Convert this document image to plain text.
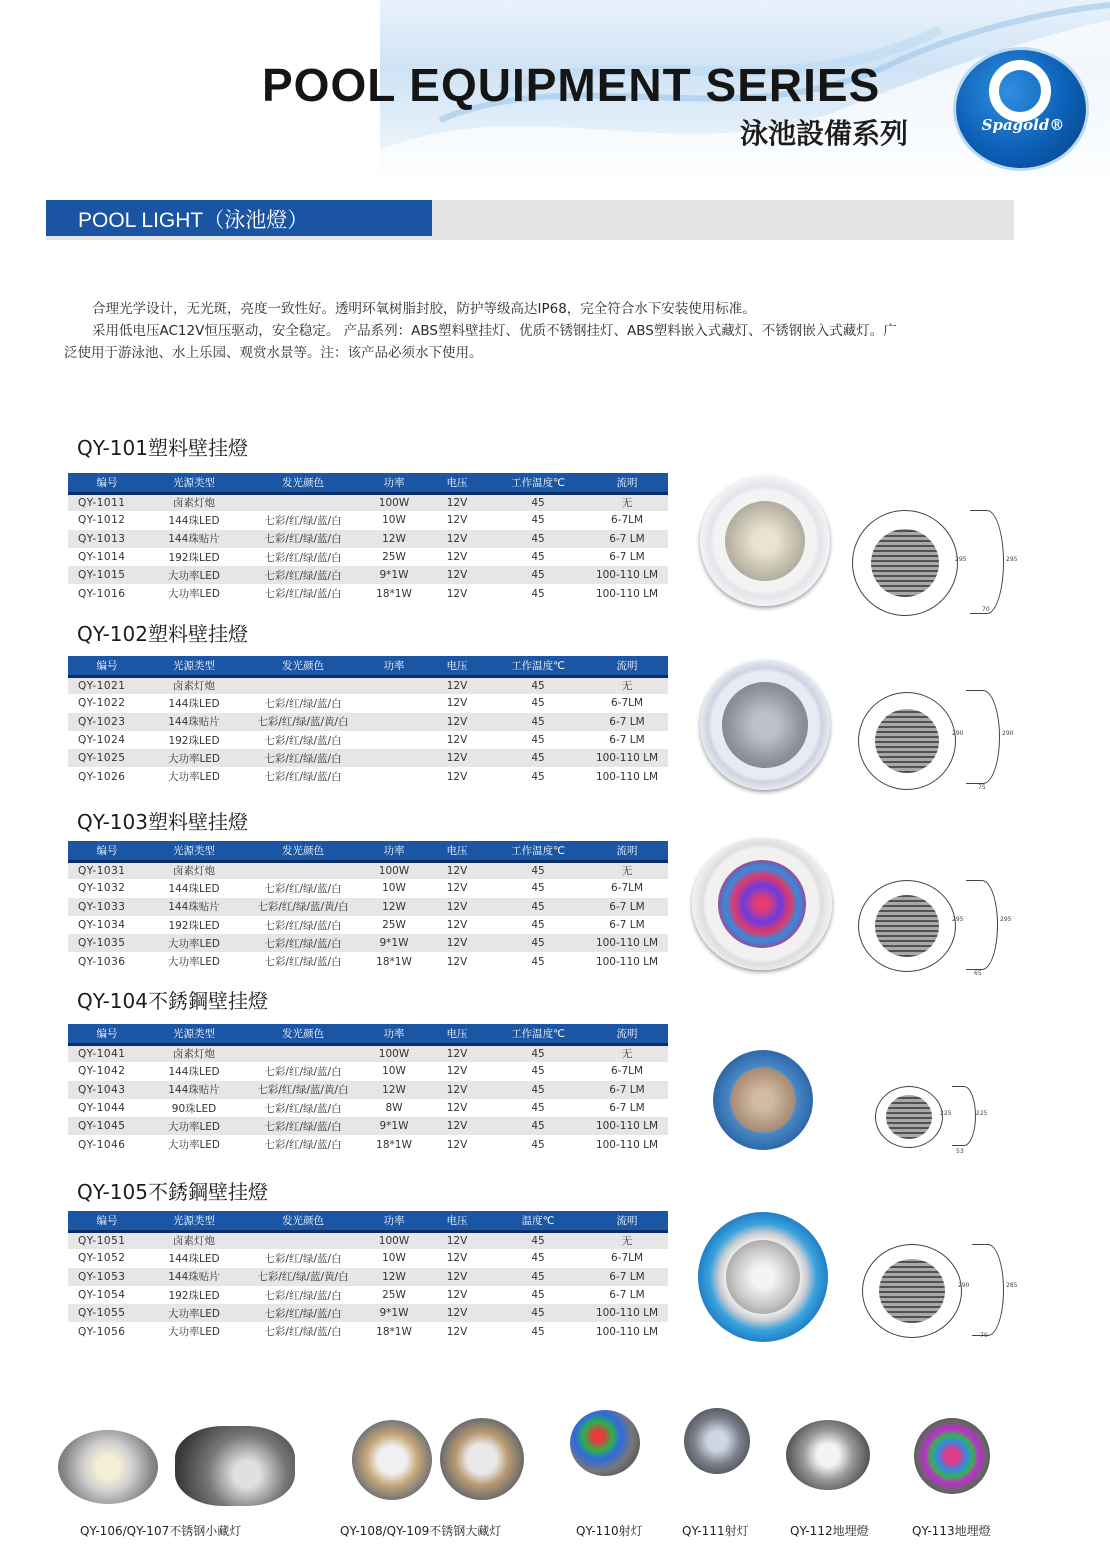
POOL EQUIPMENT SERIES
泳池設備系列	Spagold®
POOL LIGHT（泳池燈）

合理光学设计，无光斑，亮度一致性好。透明环氧树脂封胶，防护等级高达IP68，完全符合水下安装使用标准。

采用低电压AC12V恒压驱动，安全稳定。 产品系列：ABS塑料壁挂灯、优质不锈钢挂灯、ABS塑料嵌入式藏灯、不锈钢嵌入式藏灯。广

泛使用于游泳池、水上乐园、观赏水景等。注：该产品必须水下使用。

QY-101塑料壁挂燈
QY-102塑料壁挂燈
QY-103塑料壁挂燈
QY-104不銹鋼壁挂燈
QY-105不銹鋼壁挂燈
编号	光源类型	发光颜色	功率	电压	工作温度℃	流明
QY-1011	卤素灯炮		100W	12V	45	无
QY-1012	144珠LED	七彩/红/绿/蓝/白	10W	12V	45	6-7LM
QY-1013	144珠贴片	七彩/红/绿/蓝/白	12W	12V	45	6-7 LM
QY-1014	192珠LED	七彩/红/绿/蓝/白	25W	12V	45	6-7 LM
QY-1015	大功率LED	七彩/红/绿/蓝/白	9*1W	12V	45	100-110 LM
QY-1016	大功率LED	七彩/红/绿/蓝/白	18*1W	12V	45	100-110 LM
编号	光源类型	发光颜色	功率	电压	工作温度℃	流明
QY-1021	卤素灯炮			12V	45	无
QY-1022	144珠LED	七彩/红/绿/蓝/白		12V	45	6-7LM
QY-1023	144珠贴片	七彩/红/绿/蓝/黄/白		12V	45	6-7 LM
QY-1024	192珠LED	七彩/红/绿/蓝/白		12V	45	6-7 LM
QY-1025	大功率LED	七彩/红/绿/蓝/白		12V	45	100-110 LM
QY-1026	大功率LED	七彩/红/绿/蓝/白		12V	45	100-110 LM
编号	光源类型	发光颜色	功率	电压	工作温度℃	流明
QY-1031	卤素灯炮		100W	12V	45	无
QY-1032	144珠LED	七彩/红/绿/蓝/白	10W	12V	45	6-7LM
QY-1033	144珠贴片	七彩/红/绿/蓝/黄/白	12W	12V	45	6-7 LM
QY-1034	192珠LED	七彩/红/绿/蓝/白	25W	12V	45	6-7 LM
QY-1035	大功率LED	七彩/红/绿/蓝/白	9*1W	12V	45	100-110 LM
QY-1036	大功率LED	七彩/红/绿/蓝/白	18*1W	12V	45	100-110 LM
编号	光源类型	发光颜色	功率	电压	工作温度℃	流明
QY-1041	卤素灯炮		100W	12V	45	无
QY-1042	144珠LED	七彩/红/绿/蓝/白	10W	12V	45	6-7LM
QY-1043	144珠贴片	七彩/红/绿/蓝/黄/白	12W	12V	45	6-7 LM
QY-1044	90珠LED	七彩/红/绿/蓝/白	8W	12V	45	6-7 LM
QY-1045	大功率LED	七彩/红/绿/蓝/白	9*1W	12V	45	100-110 LM
QY-1046	大功率LED	七彩/红/绿/蓝/白	18*1W	12V	45	100-110 LM
编号	光源类型	发光颜色	功率	电压	温度℃	流明
QY-1051	卤素灯炮		100W	12V	45	无
QY-1052	144珠LED	七彩/红/绿/蓝/白	10W	12V	45	6-7LM
QY-1053	144珠贴片	七彩/红/绿/蓝/黄/白	12W	12V	45	6-7 LM
QY-1054	192珠LED	七彩/红/绿/蓝/白	25W	12V	45	6-7 LM
QY-1055	大功率LED	七彩/红/绿/蓝/白	9*1W	12V	45	100-110 LM
QY-1056	大功率LED	七彩/红/绿/蓝/白	18*1W	12V	45	100-110 LM
295	295
70
290	290
75
295	295
65
225	225
53
290	285
70
QY-106/QY-107不锈钢小藏灯	QY-108/QY-109不锈钢大藏灯	QY-110射灯	QY-111射灯	QY-112地埋燈	QY-113地埋燈
